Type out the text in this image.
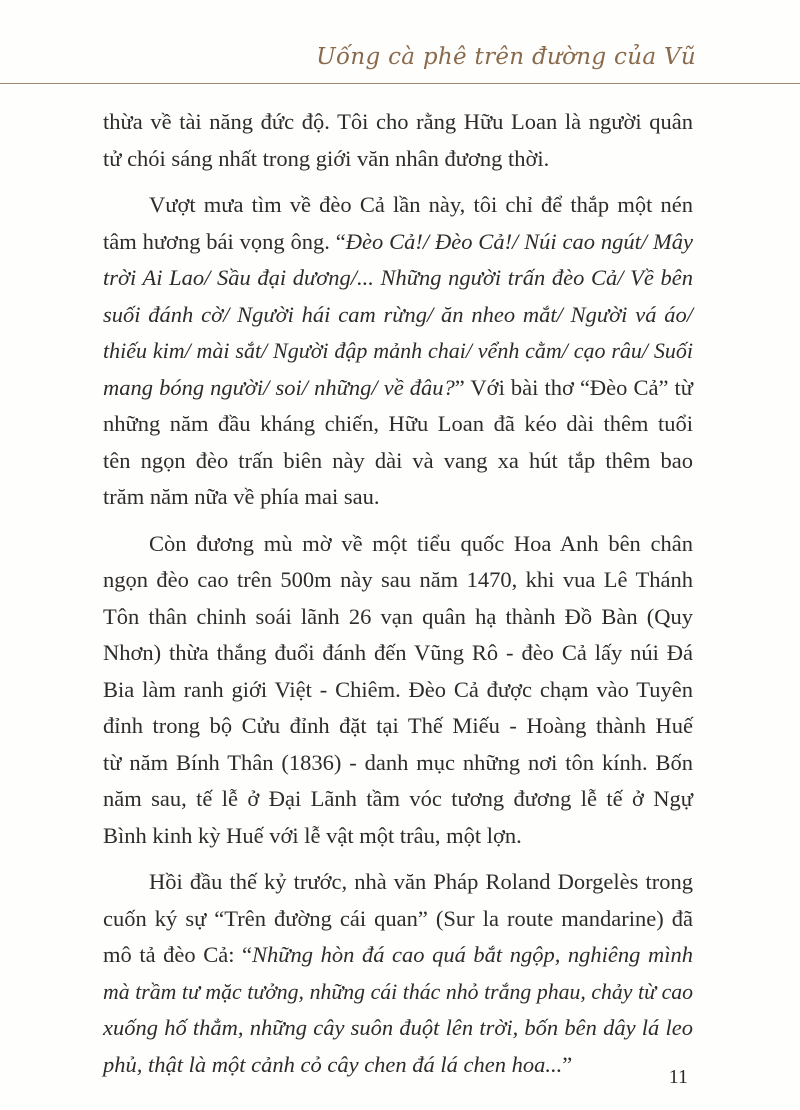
Uống cà phê trên đường của Vũ

thừa về tài năng đức độ. Tôi cho rằng Hữu Loan là người quân
tử chói sáng nhất trong giới văn nhân đương thời.

Vượt mưa tìm về đèo Cả lần này, tôi chỉ để thắp một nén
tâm hương bái vọng ông. “Đèo Cả!/ Đèo Cả!/ Núi cao ngút/ Mây
trời Ai Lao/ Sầu đại dương/... Những người trấn đèo Cả/ Về bên
suối đánh cờ/ Người hái cam rừng/ ăn nheo mắt/ Người vá áo/
thiếu kim/ mài sắt/ Người đập mảnh chai/ vểnh cằm/ cạo râu/ Suối
mang bóng người/ soi/ những/ về đâu?” Với bài thơ “Đèo Cả” từ
những năm đầu kháng chiến, Hữu Loan đã kéo dài thêm tuổi
tên ngọn đèo trấn biên này dài và vang xa hút tắp thêm bao
trăm năm nữa về phía mai sau.

Còn đương mù mờ về một tiểu quốc Hoa Anh bên chân
ngọn đèo cao trên 500m này sau năm 1470, khi vua Lê Thánh
Tôn thân chinh soái lãnh 26 vạn quân hạ thành Đồ Bàn (Quy
Nhơn) thừa thắng đuổi đánh đến Vũng Rô - đèo Cả lấy núi Đá
Bia làm ranh giới Việt - Chiêm. Đèo Cả được chạm vào Tuyên
đỉnh trong bộ Cửu đỉnh đặt tại Thế Miếu - Hoàng thành Huế
từ năm Bính Thân (1836) - danh mục những nơi tôn kính. Bốn
năm sau, tế lễ ở Đại Lãnh tầm vóc tương đương lễ tế ở Ngự
Bình kinh kỳ Huế với lễ vật một trâu, một lợn.

Hồi đầu thế kỷ trước, nhà văn Pháp Roland Dorgelès trong
cuốn ký sự “Trên đường cái quan” (Sur la route mandarine) đã
mô tả đèo Cả: “Những hòn đá cao quá bắt ngộp, nghiêng mình
mà trầm tư mặc tưởng, những cái thác nhỏ trắng phau, chảy từ cao
xuống hố thẳm, những cây suôn đuột lên trời, bốn bên dây lá leo
phủ, thật là một cảnh cỏ cây chen đá lá chen hoa...”

11
